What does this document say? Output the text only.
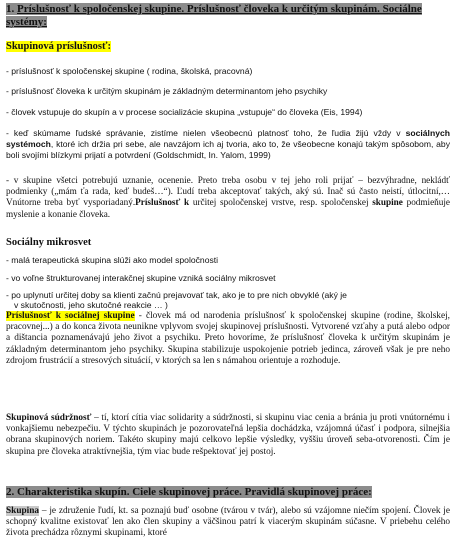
1. Príslušnosť k spoločenskej skupine. Príslušnosť človeka k určitým skupinám. Sociálne systémy:
Skupinová príslušnosť:
- príslušnosť k spoločenskej skupine ( rodina, školská, pracovná)
- príslušnosť človeka k určitým skupinám je základným determinantom jeho psychiky
- človek vstupuje do skupín a v procese socializácie skupina „vstupuje“ do človeka (Eis, 1994)
- keď skúmame ľudské správanie, zistíme nielen všeobecnú platnosť toho, že ľudia žijú vždy v sociálnych systémoch, ktoré ich držia pri sebe, ale navzájom ich aj tvoria, ako to, že všeobecne konajú takým spôsobom, aby boli svojími blízkymi prijatí a potvrdení (Goldschmidt, In. Yalom, 1999)
- v skupine všetci potrebujú uznanie, ocenenie. Preto treba osobu v tej jeho roli prijať – bezvýhradne, nekládť podmienky („mám ťa rada, keď budeš…“). Ľudí treba akceptovať takých, aký sú. Inač sú často neistí, útlocitní,… Vnútorne treba byť vysporiadaný.Príslušnosť k určitej spoločenskej vrstve, resp. spoločenskej skupine podmieňuje myslenie a konanie človeka.
Sociálny mikrosvet
- malá terapeutická skupina slúži ako model spoločnosti
- vo voľne štrukturovanej interakčnej skupine vzniká sociálny mikrosvet
- po uplynutí určitej doby sa klienti začnú prejavovať tak, ako je to pre nich obvyklé (aký je
v skutočnosti, jeho skutočné reakcie … )
Príslušnosť k sociálnej skupine - človek má od narodenia príslušnosť k spoločenskej skupine (rodine, školskej, pracovnej...) a do konca života neunikne vplyvom svojej skupinovej príslušnosti. Vytvorené vzťahy a putá alebo odpor a dištancia poznamenávajú jeho život a psychiku. Preto hovoríme, že príslušnosť človeka k určitým skupinám je základným determinantom jeho psychiky. Skupina stabilizuje uspokojenie potrieb jedinca, zároveň však je pre neho zdrojom frustrácií a stresových situácií, v ktorých sa len s námahou orientuje a rozhoduje.
Skupinová súdržnosť – tí, ktorí cítia viac solidarity a súdržnosti, si skupinu viac cenia a bránia ju proti vnútornému i vonkajšiemu nebezpečiu. V týchto skupinách je pozorovateľná lepšia dochádzka, vzájomná účasť i podpora, silnejšia obrana skupinových noriem. Takéto skupiny majú celkovo lepšie výsledky, vyššiu úroveň seba-otvorenosti. Čím je skupina pre človeka atraktívnejšia, tým viac bude rešpektovať jej postoj.
2. Charakteristika skupín. Ciele skupinovej práce. Pravidlá skupinovej práce:
Skupina – je združenie ľudí, kt. sa poznajú buď osobne (tvárou v tvár), alebo sú vzájomne niečím spojení. Človek je schopný kvalitne existovať len ako člen skupiny a väčšinou patrí k viacerým skupinám súčasne. V priebehu celého života prechádza rôznymi skupinami, ktoré
